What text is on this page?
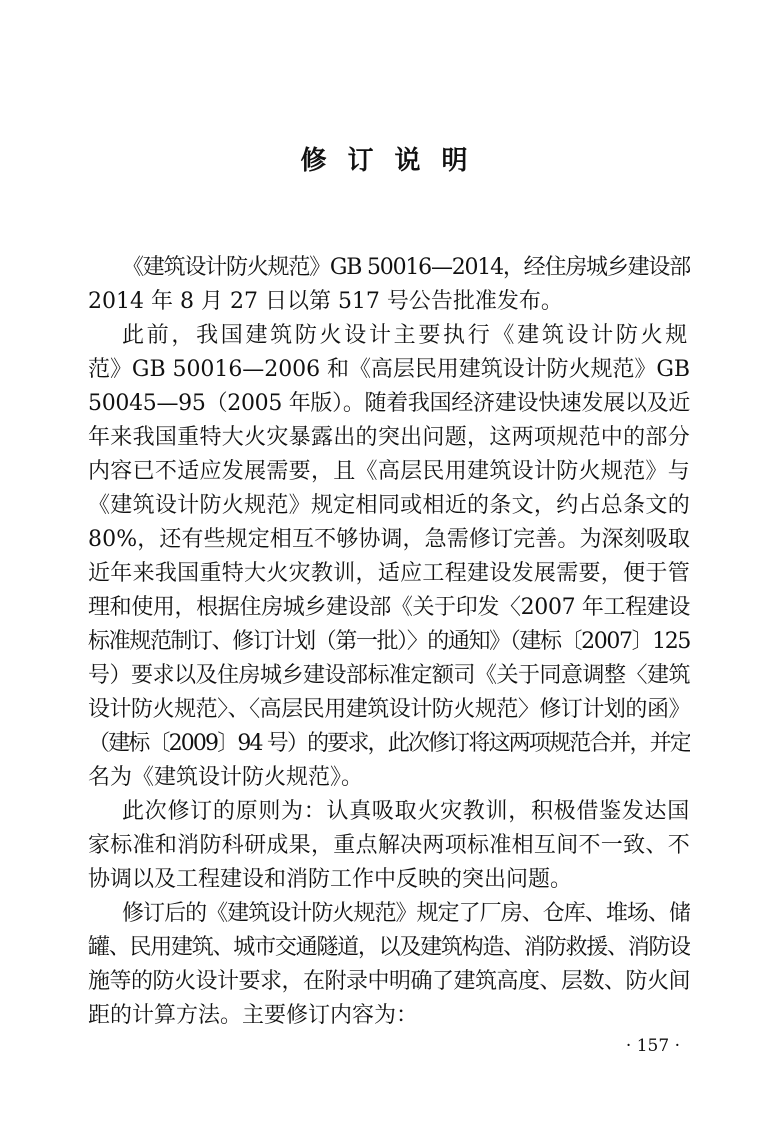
修订说明
《建筑设计防火规范》GB 50016—2014，经住房城乡建设部
2014 年 8 月 27 日以第 517 号公告批准发布。
此前，我国建筑防火设计主要执行《建筑设计防火规
范》GB 50016—2006 和《高层民用建筑设计防火规范》GB
50045—95（2005 年版）。随着我国经济建设快速发展以及近
年来我国重特大火灾暴露出的突出问题，这两项规范中的部分
内容已不适应发展需要，且《高层民用建筑设计防火规范》与
《建筑设计防火规范》规定相同或相近的条文，约占总条文的
80%，还有些规定相互不够协调，急需修订完善。为深刻吸取
近年来我国重特大火灾教训，适应工程建设发展需要，便于管
理和使用，根据住房城乡建设部《关于印发〈2007 年工程建设
标准规范制订、修订计划（第一批）〉的通知》（建标〔2007〕125
号）要求以及住房城乡建设部标准定额司《关于同意调整〈建筑
设计防火规范〉、〈高层民用建筑设计防火规范〉修订计划的函》
（建标〔2009〕94 号）的要求，此次修订将这两项规范合并，并定
名为《建筑设计防火规范》。
此次修订的原则为：认真吸取火灾教训，积极借鉴发达国
家标准和消防科研成果，重点解决两项标准相互间不一致、不
协调以及工程建设和消防工作中反映的突出问题。
修订后的《建筑设计防火规范》规定了厂房、仓库、堆场、储
罐、民用建筑、城市交通隧道，以及建筑构造、消防救援、消防设
施等的防火设计要求，在附录中明确了建筑高度、层数、防火间
距的计算方法。主要修订内容为：
· 157 ·
